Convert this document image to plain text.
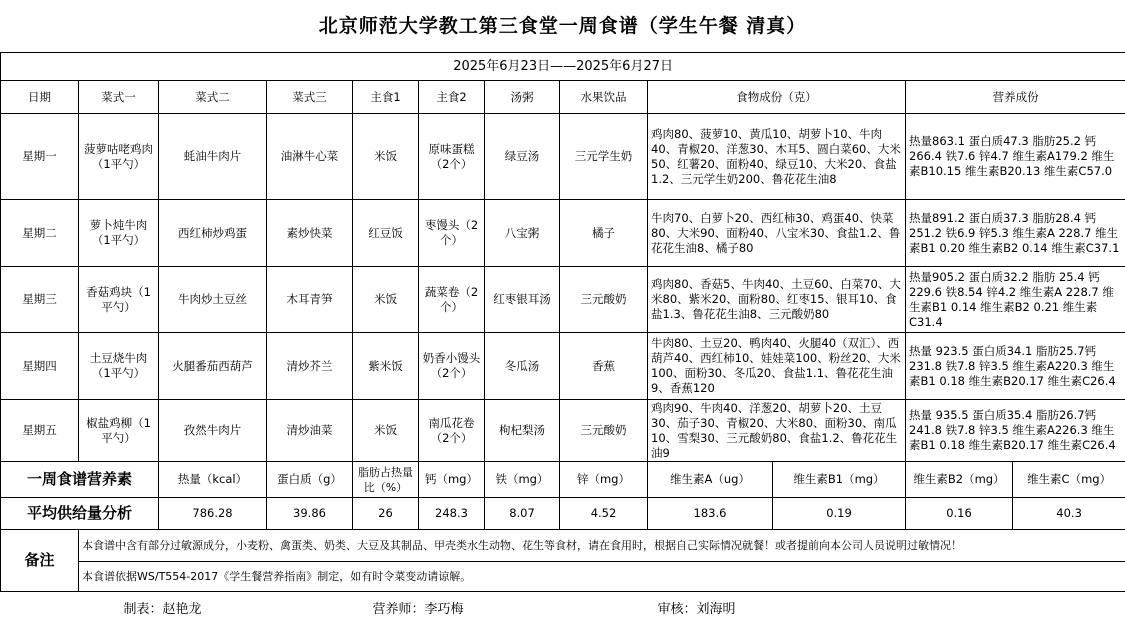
北京师范大学教工第三食堂一周食谱（学生午餐 清真）
2025年6月23日——2025年6月27日											
日期	菜式一	菜式二	菜式三	主食1	主食2	汤粥	水果饮品	食物成份（克）		营养成份	
星期一	菠萝咕咾鸡肉（1平勺）	蚝油牛肉片	油淋牛心菜	米饭	原味蛋糕（2个）	绿豆汤	三元学生奶	鸡肉80、菠萝10、黄瓜10、胡萝卜10、牛肉40、青椒20、洋葱30、木耳5、圆白菜60、大米50、红薯20、面粉40、绿豆10、大米20、食盐1.2、三元学生奶200、鲁花花生油8		热量863.1 蛋白质47.3 脂肪25.2 钙266.4 铁7.6 锌4.7 维生素A179.2 维生素B10.15 维生素B20.13 维生素C57.0	
星期二	萝卜炖牛肉（1平勺）	西红柿炒鸡蛋	素炒快菜	红豆饭	枣馒头（2个）	八宝粥	橘子	牛肉70、白萝卜20、西红柿30、鸡蛋40、快菜80、大米90、面粉40、八宝米30、食盐1.2、鲁花花生油8、橘子80		热量891.2 蛋白质37.3 脂肪28.4 钙251.2 铁6.9 锌5.3 维生素A 228.7 维生素B1 0.20 维生素B2 0.14 维生素C37.1	
星期三	香菇鸡块（1平勺）	牛肉炒土豆丝	木耳青笋	米饭	蔬菜卷（2个）	红枣银耳汤	三元酸奶	鸡肉80、香菇5、牛肉40、土豆60、白菜70、大米80、紫米20、面粉80、红枣15、银耳10、食盐1.3、鲁花花生油8、三元酸奶80		热量905.2 蛋白质32.2 脂肪 25.4 钙229.6 铁8.54 锌4.2 维生素A 228.7 维生素B1 0.14 维生素B2 0.21 维生素C31.4	
星期四	土豆烧牛肉（1平勺）	火腿番茄西葫芦	清炒芥兰	紫米饭	奶香小馒头（2个）	冬瓜汤	香蕉	牛肉80、土豆20、鸭肉40、火腿40（双汇）、西葫芦40、西红柿10、娃娃菜100、粉丝20、大米100、面粉30、冬瓜20、食盐1.1、鲁花花生油9、香蕉120		热量 923.5 蛋白质34.1 脂肪25.7钙231.8 铁7.8 锌3.5 维生素A220.3 维生素B1 0.18 维生素B20.17 维生素C26.4	
星期五	椒盐鸡柳（1平勺）	孜然牛肉片	清炒油菜	米饭	南瓜花卷（2个）	枸杞梨汤	三元酸奶	鸡肉90、牛肉40、洋葱20、胡萝卜20、土豆30、茄子30、青椒20、大米80、面粉30、南瓜10、雪梨30、三元酸奶80、食盐1.2、鲁花花生油9		热量 935.5 蛋白质35.4 脂肪26.7钙241.8 铁7.8 锌3.5 维生素A226.3 维生素B1 0.18 维生素B20.17 维生素C26.4	
一周食谱营养素		热量（kcal）	蛋白质（g）	脂肪占热量比（%）	钙（mg）	铁（mg）	锌（mg）	维生素A（ug）	维生素B1（mg）	维生素B2（mg）	维生素C（mg）
平均供给量分析		786.28	39.86	26	248.3	8.07	4.52	183.6	0.19	0.16	40.3
备注	本食谱中含有部分过敏源成分，小麦粉、禽蛋类、奶类、大豆及其制品、甲壳类水生动物、花生等食材，请在食用时，根据自己实际情况就餐！或者提前向本公司人员说明过敏情况！										
	本食谱依据WS/T554-2017《学生餐营养指南》制定，如有时令菜变动请谅解。										
	制表：赵艳龙			营养师：李巧梅				审核：刘海明			
